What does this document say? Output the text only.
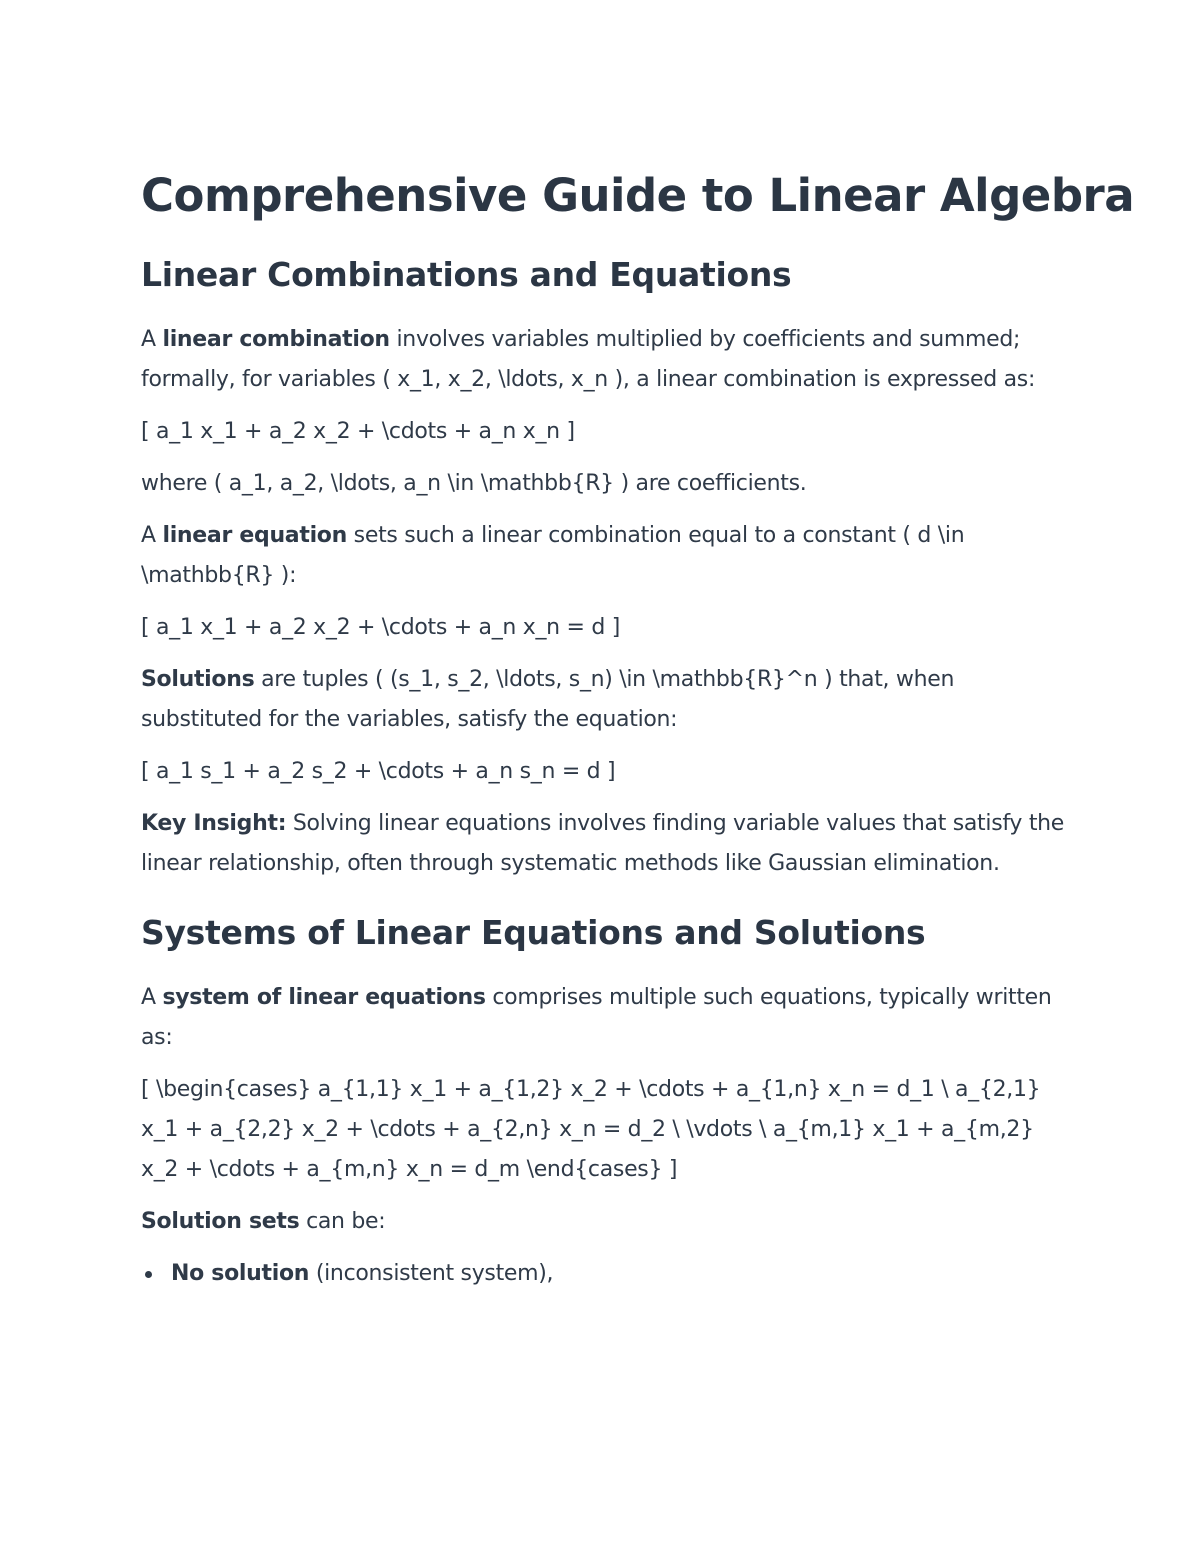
Comprehensive Guide to Linear Algebra
Linear Combinations and Equations

A linear combination involves variables multiplied by coefficients and summed; formally, for variables ( x_1, x_2, \ldots, x_n ), a linear combination is expressed as:

[ a_1 x_1 + a_2 x_2 + \cdots + a_n x_n ]

where ( a_1, a_2, \ldots, a_n \in \mathbb{R} ) are coefficients.

A linear equation sets such a linear combination equal to a constant ( d \in \mathbb{R} ):

[ a_1 x_1 + a_2 x_2 + \cdots + a_n x_n = d ]

Solutions are tuples ( (s_1, s_2, \ldots, s_n) \in \mathbb{R}^n ) that, when substituted for the variables, satisfy the equation:

[ a_1 s_1 + a_2 s_2 + \cdots + a_n s_n = d ]

Key Insight: Solving linear equations involves finding variable values that satisfy the linear relationship, often through systematic methods like Gaussian elimination.

Systems of Linear Equations and Solutions

A system of linear equations comprises multiple such equations, typically written as:

[ \begin{cases} a_{1,1} x_1 + a_{1,2} x_2 + \cdots + a_{1,n} x_n = d_1 \ a_{2,1} x_1 + a_{2,2} x_2 + \cdots + a_{2,n} x_n = d_2 \ \vdots \ a_{m,1} x_1 + a_{m,2} x_2 + \cdots + a_{m,n} x_n = d_m \end{cases} ]

Solution sets can be:

No solution (inconsistent system),
